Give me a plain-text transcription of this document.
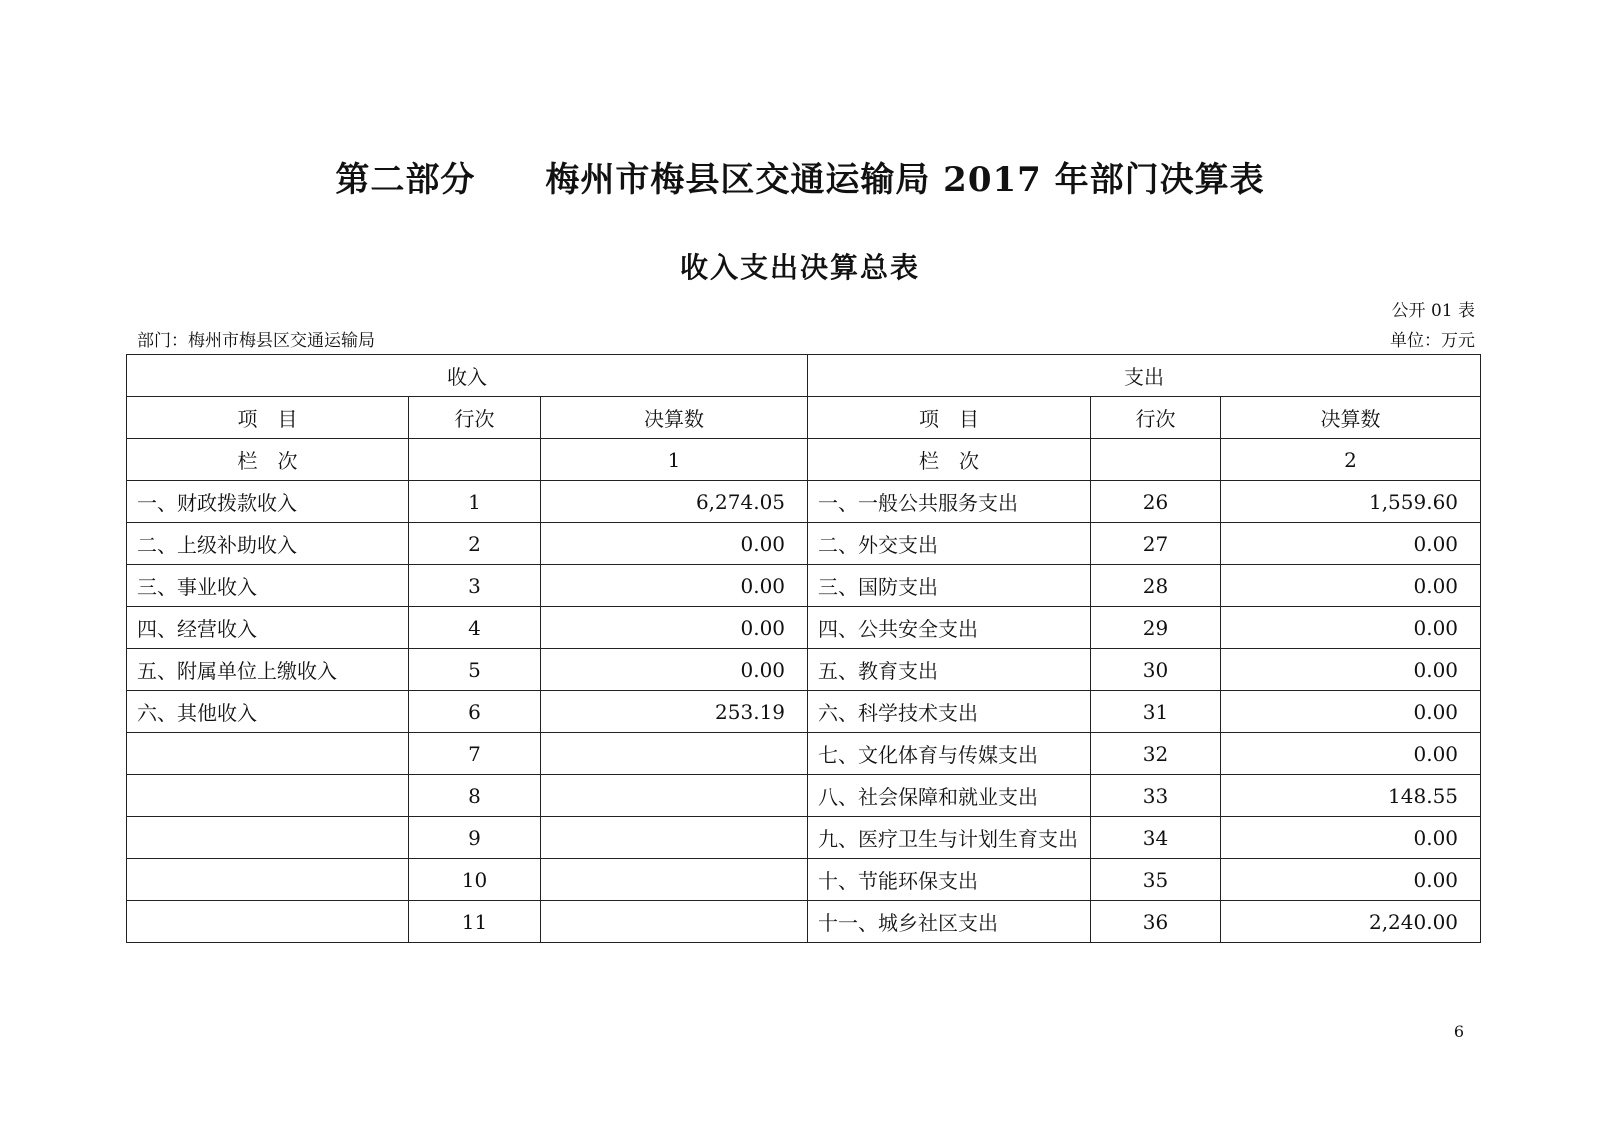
第二部分　　梅州市梅县区交通运输局 2017 年部门决算表
收入支出决算总表
公开 01 表
部门：梅州市梅县区交通运输局	单位：万元
收入			支出		
项　目	行次	决算数	项　目	行次	决算数
栏　次		1	栏　次		2
一、财政拨款收入	1	6,274.05	一、一般公共服务支出	26	1,559.60
二、上级补助收入	2	0.00	二、外交支出	27	0.00
三、事业收入	3	0.00	三、国防支出	28	0.00
四、经营收入	4	0.00	四、公共安全支出	29	0.00
五、附属单位上缴收入	5	0.00	五、教育支出	30	0.00
六、其他收入	6	253.19	六、科学技术支出	31	0.00
	7		七、文化体育与传媒支出	32	0.00
	8		八、社会保障和就业支出	33	148.55
	9		九、医疗卫生与计划生育支出	34	0.00
	10		十、节能环保支出	35	0.00
	11		十一、城乡社区支出	36	2,240.00
6
